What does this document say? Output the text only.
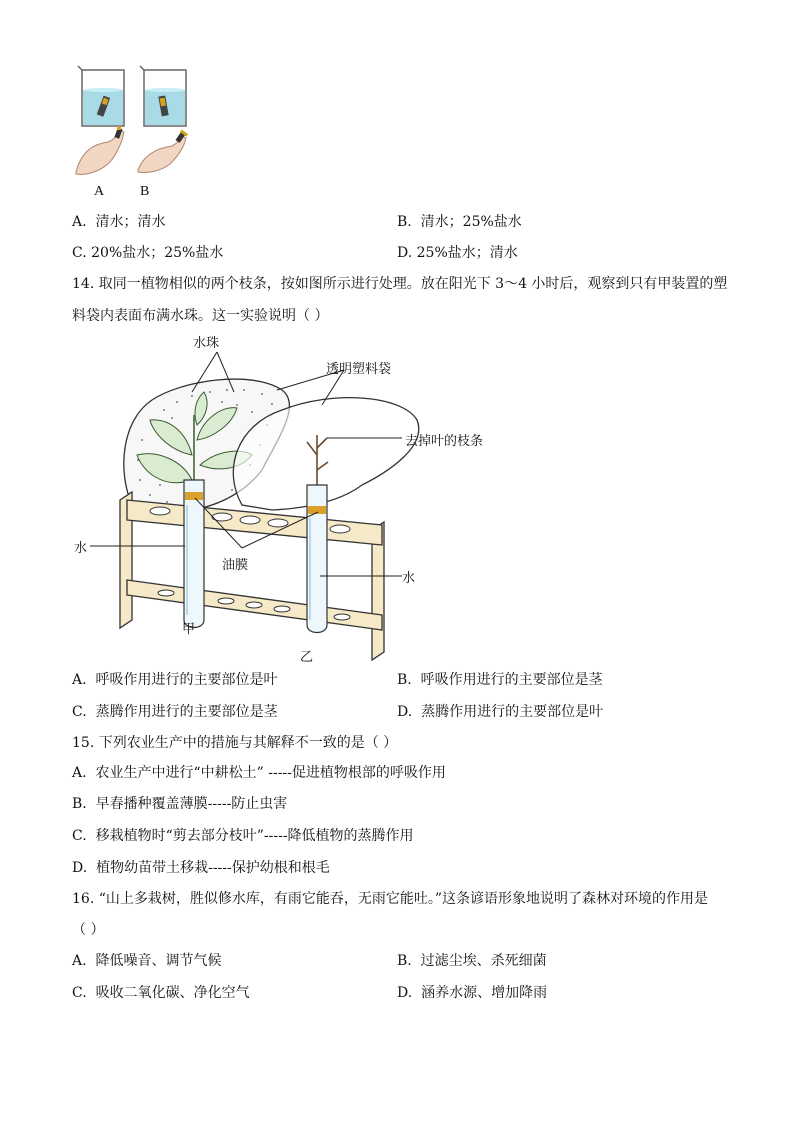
A	B
A. 清水；清水	B. 清水；25%盐水
C. 20%盐水；25%盐水	D. 25%盐水；清水
14. 取同一植物相似的两个枝条，按如图所示进行处理。放在阳光下 3～4 小时后，观察到只有甲装置的塑
料袋内表面布满水珠。这一实验说明（ ）
水珠
透明塑料袋
去掉叶的枝条
水
油膜
水
甲
乙
A. 呼吸作用进行的主要部位是叶	B. 呼吸作用进行的主要部位是茎
C. 蒸腾作用进行的主要部位是茎	D. 蒸腾作用进行的主要部位是叶
15. 下列农业生产中的措施与其解释不一致的是（ ）
A. 农业生产中进行“中耕松土” -----促进植物根部的呼吸作用
B. 早春播种覆盖薄膜-----防止虫害
C. 移栽植物时“剪去部分枝叶”-----降低植物的蒸腾作用
D. 植物幼苗带土移栽-----保护幼根和根毛
16. “山上多栽树，胜似修水库，有雨它能吞，无雨它能吐。”这条谚语形象地说明了森林对环境的作用是
（ ）
A. 降低噪音、调节气候	B. 过滤尘埃、杀死细菌
C. 吸收二氧化碳、净化空气	D. 涵养水源、增加降雨
